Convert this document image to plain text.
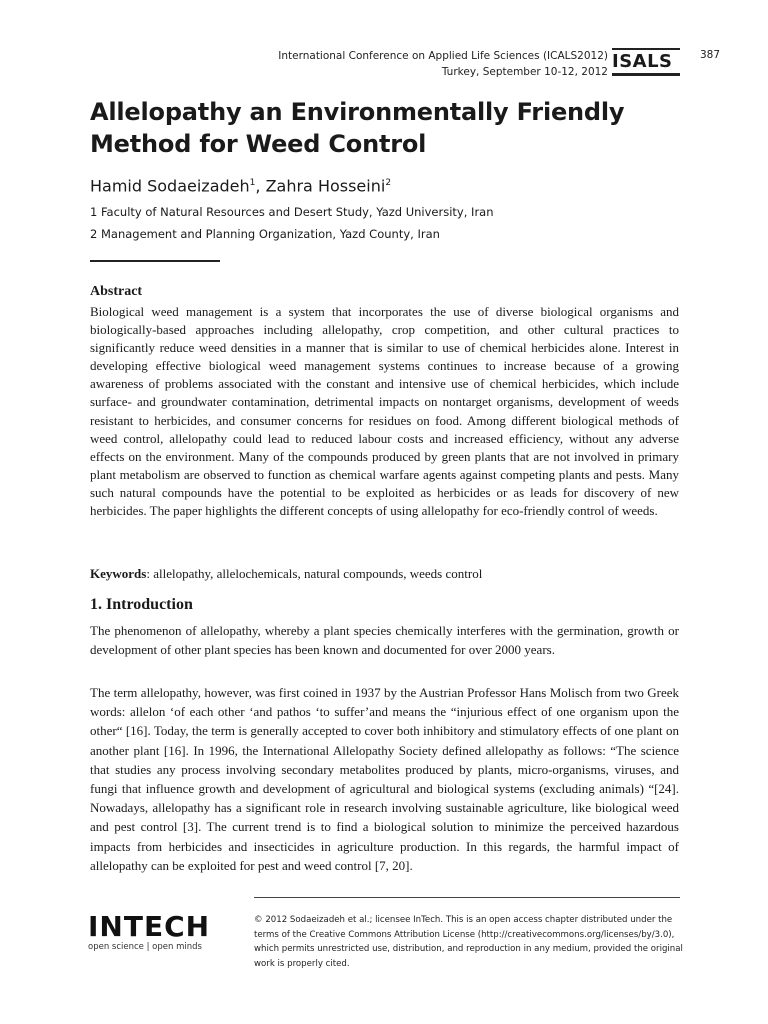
International Conference on Applied Life Sciences (ICALS2012)
Turkey, September 10-12, 2012 ISALS	387
Allelopathy an Environmentally Friendly
Method for Weed Control
Hamid Sodaeizadeh$^1$, Zahra Hosseini$^2$
1 Faculty of Natural Resources and Desert Study, Yazd University, Iran
2 Management and Planning Organization, Yazd County, Iran
Abstract
Biological weed management is a system that incorporates the use of diverse biological organisms and biologically-based approaches including allelopathy, crop competition, and other cultural practices to significantly reduce weed densities in a manner that is similar to use of chemical herbicides alone. Interest in developing effective biological weed management systems continues to increase because of a growing awareness of problems associated with the constant and intensive use of chemical herbicides, which include surface- and groundwater contamination, detrimental impacts on nontarget organisms, development of weeds resistant to herbicides, and consumer concerns for residues on food. Among different biological methods of weed control, allelopathy could lead to reduced labour costs and increased efficiency, without any adverse effects on the environment. Many of the compounds produced by green plants that are not involved in primary plant metabolism are observed to function as chemical warfare agents against competing plants and pests. Many such natural compounds have the potential to be exploited as herbicides or as leads for discovery of new herbicides. The paper highlights the different concepts of using allelopathy for eco-friendly control of weeds.
Keywords: allelopathy, allelochemicals, natural compounds, weeds control
1. Introduction
The phenomenon of allelopathy, whereby a plant species chemically interferes with the germination, growth or development of other plant species has been known and documented for over 2000 years.
The term allelopathy, however, was first coined in 1937 by the Austrian Professor Hans Molisch from two Greek words: allelon ‘of each other ‘and pathos ‘to suffer’and means the “injurious effect of one organism upon the other“ [16]. Today, the term is generally accepted to cover both inhibitory and stimulatory effects of one plant on another plant [16]. In 1996, the International Allelopathy Society defined allelopathy as follows: “The science that studies any process involving secondary metabolites produced by plants, micro-organisms, viruses, and fungi that influence growth and development of agricultural and biological systems (excluding animals) “[24]. Nowadays, allelopathy has a significant role in research involving sustainable agriculture, like biological weed and pest control [3]. The current trend is to find a biological solution to minimize the perceived hazardous impacts from herbicides and insecticides in agriculture production. In this regards, the harmful impact of allelopathy can be exploited for pest and weed control [7, 20].
INTECH
open science | open minds
© 2012 Sodaeizadeh et al.; licensee InTech. This is an open access chapter distributed under the terms of the Creative Commons Attribution License (http://creativecommons.org/licenses/by/3.0), which permits unrestricted use, distribution, and reproduction in any medium, provided the original work is properly cited.
